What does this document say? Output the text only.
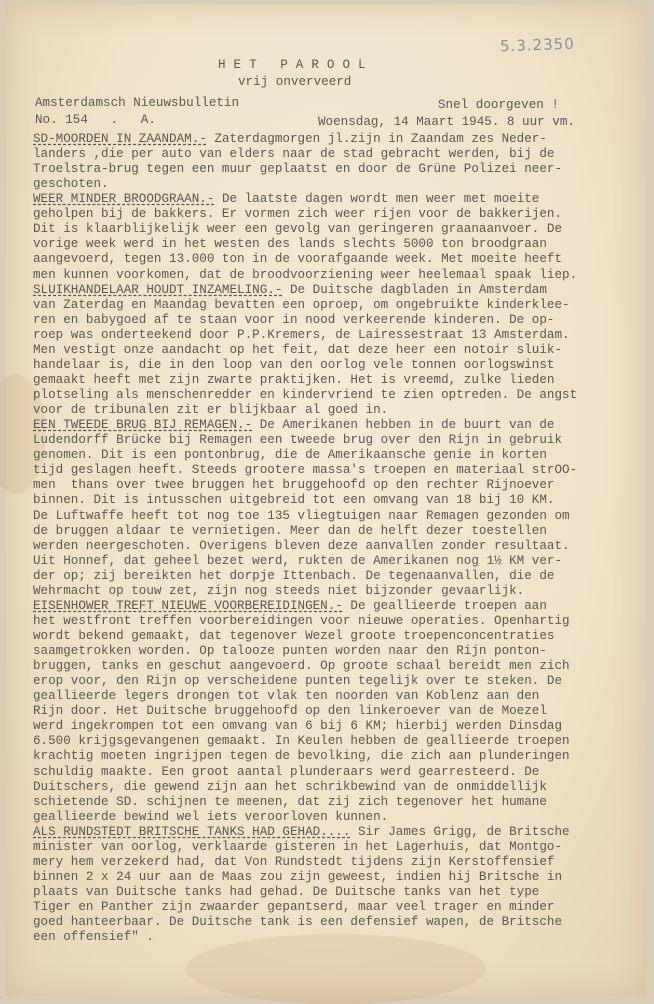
5.3.2350
HET PAROOL
vrij onverveerd
Amsterdamsch Nieuwsbulletin	Snel doorgeven !
No. 154   .   A.	Woensdag, 14 Maart 1945. 8 uur vm.
SD-MOORDEN IN ZAANDAM.- Zaterdagmorgen jl.zijn in Zaandam zes Neder-
landers ,die per auto van elders naar de stad gebracht werden, bij de
Troelstra-brug tegen een muur geplaatst en door de Grüne Polizei neer-
geschoten.
WEER MINDER BROODGRAAN.- De laatste dagen wordt men weer met moeite
geholpen bij de bakkers. Er vormen zich weer rijen voor de bakkerijen.
Dit is klaarblijkelijk weer een gevolg van geringeren graanaanvoer. De
vorige week werd in het westen des lands slechts 5000 ton broodgraan
aangevoerd, tegen 13.000 ton in de voorafgaande week. Met moeite heeft
men kunnen voorkomen, dat de broodvoorziening weer heelemaal spaak liep.
SLUIKHANDELAAR HOUDT INZAMELING.- De Duitsche dagbladen in Amsterdam
van Zaterdag en Maandag bevatten een oproep, om ongebruikte kinderklee-
ren en babygoed af te staan voor in nood verkeerende kinderen. De op-
roep was onderteekend door P.P.Kremers, de Lairessestraat 13 Amsterdam.
Men vestigt onze aandacht op het feit, dat deze heer een notoir sluik-
handelaar is, die in den loop van den oorlog vele tonnen oorlogswinst
gemaakt heeft met zijn zwarte praktijken. Het is vreemd, zulke lieden
plotseling als menschenredder en kindervriend te zien optreden. De angst
voor de tribunalen zit er blijkbaar al goed in.
EEN TWEEDE BRUG BIJ REMAGEN.- De Amerikanen hebben in de buurt van de
Ludendorff Brücke bij Remagen een tweede brug over den Rijn in gebruik
genomen. Dit is een pontonbrug, die de Amerikaansche genie in korten
tijd geslagen heeft. Steeds grootere massa's troepen en materiaal strOO-
men  thans over twee bruggen het bruggehoofd op den rechter Rijnoever
binnen. Dit is intusschen uitgebreid tot een omvang van 18 bij 10 KM.
De Luftwaffe heeft tot nog toe 135 vliegtuigen naar Remagen gezonden om
de bruggen aldaar te vernietigen. Meer dan de helft dezer toestellen
werden neergeschoten. Overigens bleven deze aanvallen zonder resultaat.
Uit Honnef, dat geheel bezet werd, rukten de Amerikanen nog 1½ KM ver-
der op; zij bereikten het dorpje Ittenbach. De tegenaanvallen, die de
Wehrmacht op touw zet, zijn nog steeds niet bijzonder gevaarlijk.
EISENHOWER TREFT NIEUWE VOORBEREIDINGEN.- De geallieerde troepen aan
het westfront treffen voorbereidingen voor nieuwe operaties. Openhartig
wordt bekend gemaakt, dat tegenover Wezel groote troepenconcentraties
saamgetrokken worden. Op talooze punten worden naar den Rijn ponton-
bruggen, tanks en geschut aangevoerd. Op groote schaal bereidt men zich
erop voor, den Rijn op verscheidene punten tegelijk over te steken. De
geallieerde legers drongen tot vlak ten noorden van Koblenz aan den
Rijn door. Het Duitsche bruggehoofd op den linkeroever van de Moezel
werd ingekrompen tot een omvang van 6 bij 6 KM; hierbij werden Dinsdag
6.500 krijgsgevangenen gemaakt. In Keulen hebben de geallieerde troepen
krachtig moeten ingrijpen tegen de bevolking, die zich aan plunderingen
schuldig maakte. Een groot aantal plunderaars werd gearresteerd. De
Duitschers, die gewend zijn aan het schrikbewind van de onmiddellijk
schietende SD. schijnen te meenen, dat zij zich tegenover het humane
geallieerde bewind wel iets veroorloven kunnen.
ALS RUNDSTEDT BRITSCHE TANKS HAD GEHAD.... Sir James Grigg, de Britsche
minister van oorlog, verklaarde gisteren in het Lagerhuis, dat Montgo-
mery hem verzekerd had, dat Von Rundstedt tijdens zijn Kerstoffensief
binnen 2 x 24 uur aan de Maas zou zijn geweest, indien hij Britsche in
plaats van Duitsche tanks had gehad. De Duitsche tanks van het type
Tiger en Panther zijn zwaarder gepantserd, maar veel trager en minder
goed hanteerbaar. De Duitsche tank is een defensief wapen, de Britsche
een offensief" .
